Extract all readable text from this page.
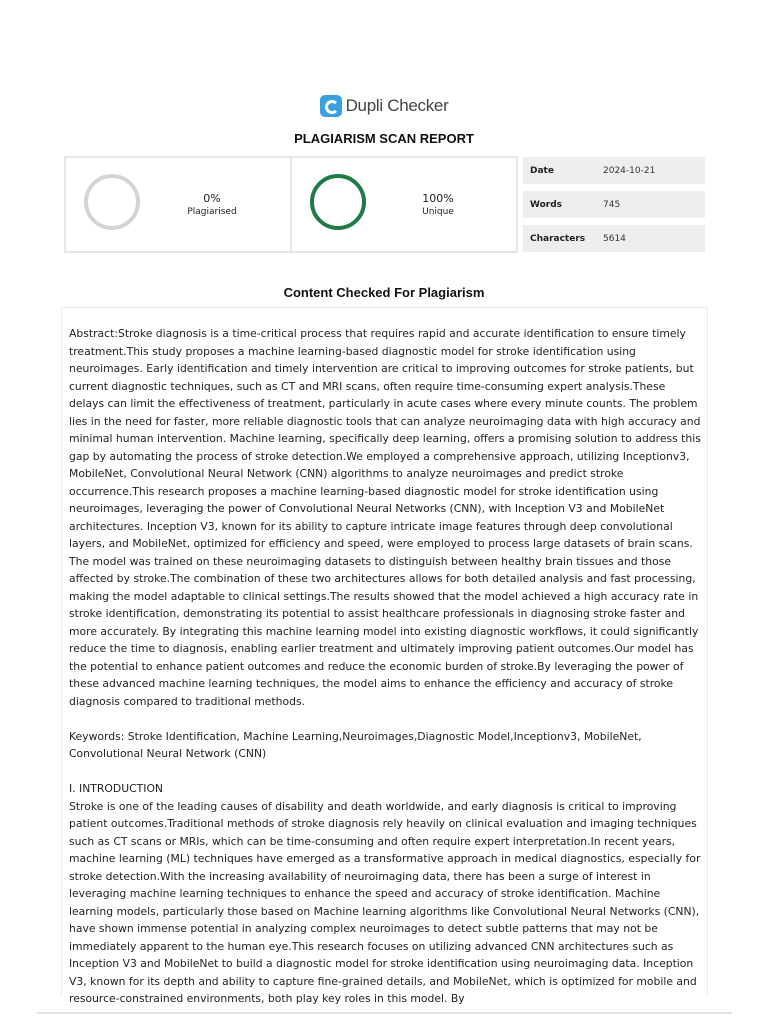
Dupli Checker
PLAGIARISM SCAN REPORT
0%
Plagiarised
100%
Unique
Date	2024-10-21
Words	745
Characters	5614
Content Checked For Plagiarism

Abstract:Stroke diagnosis is a time-critical process that requires rapid and accurate identification to ensure timely treatment.This study proposes a machine learning-based diagnostic model for stroke identification using neuroimages. Early identification and timely intervention are critical to improving outcomes for stroke patients, but current diagnostic techniques, such as CT and MRI scans, often require time-consuming expert analysis.These delays can limit the effectiveness of treatment, particularly in acute cases where every minute counts. The problem lies in the need for faster, more reliable diagnostic tools that can analyze neuroimaging data with high accuracy and minimal human intervention. Machine learning, specifically deep learning, offers a promising solution to address this gap by automating the process of stroke detection.We employed a comprehensive approach, utilizing Inceptionv3, MobileNet, Convolutional Neural Network (CNN) algorithms to analyze neuroimages and predict stroke occurrence.This research proposes a machine learning-based diagnostic model for stroke identification using neuroimages, leveraging the power of Convolutional Neural Networks (CNN), with Inception V3 and MobileNet architectures. Inception V3, known for its ability to capture intricate image features through deep convolutional layers, and MobileNet, optimized for efficiency and speed, were employed to process large datasets of brain scans. The model was trained on these neuroimaging datasets to distinguish between healthy brain tissues and those affected by stroke.The combination of these two architectures allows for both detailed analysis and fast processing, making the model adaptable to clinical settings.The results showed that the model achieved a high accuracy rate in stroke identification, demonstrating its potential to assist healthcare professionals in diagnosing stroke faster and more accurately. By integrating this machine learning model into existing diagnostic workflows, it could significantly reduce the time to diagnosis, enabling earlier treatment and ultimately improving patient outcomes.Our model has the potential to enhance patient outcomes and reduce the economic burden of stroke.By leveraging the power of these advanced machine learning techniques, the model aims to enhance the efficiency and accuracy of stroke diagnosis compared to traditional methods.

Keywords: Stroke Identification, Machine Learning,Neuroimages,Diagnostic Model,Inceptionv3, MobileNet, Convolutional Neural Network (CNN)

I. INTRODUCTION

Stroke is one of the leading causes of disability and death worldwide, and early diagnosis is critical to improving patient outcomes.Traditional methods of stroke diagnosis rely heavily on clinical evaluation and imaging techniques such as CT scans or MRIs, which can be time-consuming and often require expert interpretation.In recent years, machine learning (ML) techniques have emerged as a transformative approach in medical diagnostics, especially for stroke detection.With the increasing availability of neuroimaging data, there has been a surge of interest in leveraging machine learning techniques to enhance the speed and accuracy of stroke identification. Machine learning models, particularly those based on Machine learning algorithms like Convolutional Neural Networks (CNN), have shown immense potential in analyzing complex neuroimages to detect subtle patterns that may not be immediately apparent to the human eye.This research focuses on utilizing advanced CNN architectures such as Inception V3 and MobileNet to build a diagnostic model for stroke identification using neuroimaging data. Inception V3, known for its depth and ability to capture fine-grained details, and MobileNet, which is optimized for mobile and resource-constrained environments, both play key roles in this model. By
